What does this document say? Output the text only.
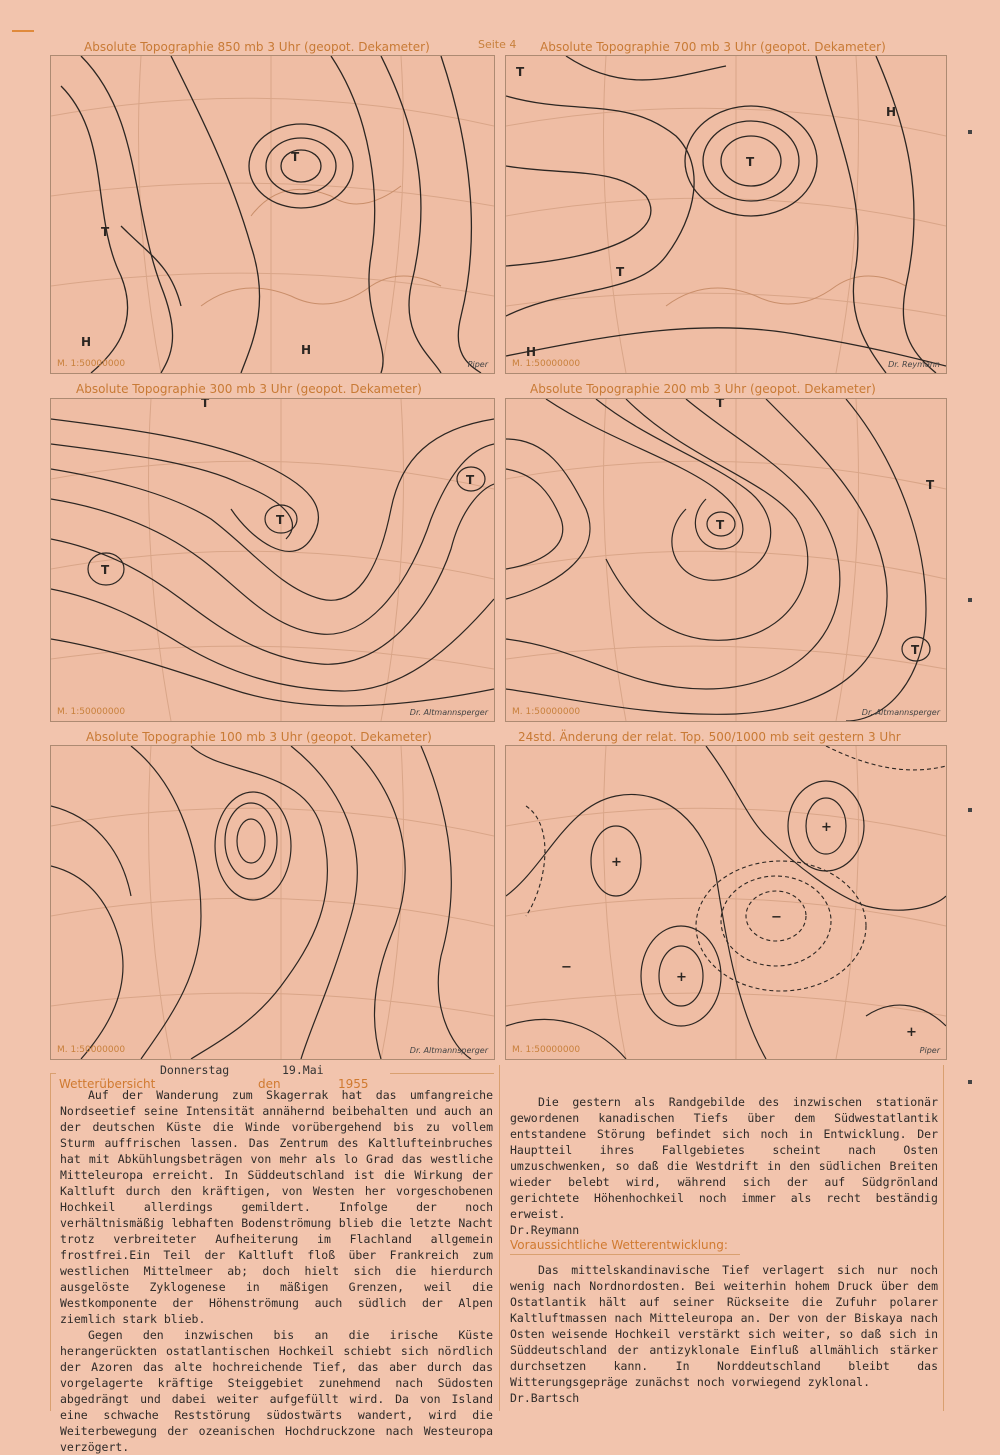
Seite 4
Absolute Topographie 850 mb 3 Uhr (geopot. Dekameter)	Absolute Topographie 700 mb 3 Uhr (geopot. Dekameter)
Absolute Topographie 300 mb 3 Uhr (geopot. Dekameter)	Absolute Topographie 200 mb 3 Uhr (geopot. Dekameter)
Absolute Topographie 100 mb 3 Uhr (geopot. Dekameter)	24std. Änderung der relat. Top. 500/1000 mb seit gestern 3 Uhr
T
T
H
H
M. 1:50000000	Piper
T
T
T
H
H
M. 1:50000000	Dr. Reymann
T
T
T
T
M. 1:50000000	Dr. Altmannsperger
T
T
T
T
M. 1:50000000	Dr. Altmannsperger
M. 1:50000000	Dr. Altmannsperger
+
+
+
+
−
−
M. 1:50000000	Piper
Donnerstag	19.Mai
Wetterübersicht	den	1955

Auf der Wanderung zum Skagerrak hat das umfangreiche Nordseetief seine Intensität annähernd beibehalten und auch an der deutschen Küste die Winde vorübergehend bis zu vollem Sturm auffrischen lassen. Das Zentrum des Kaltlufteinbruches hat mit Abkühlungsbeträgen von mehr als lo Grad das westliche Mitteleuropa erreicht. In Süddeutschland ist die Wirkung der Kaltluft durch den kräftigen, von Westen her vorgeschobenen Hochkeil allerdings gemildert. Infolge der noch verhältnismäßig lebhaften Bodenströmung blieb die letzte Nacht trotz verbreiteter Aufheiterung im Flachland allgemein frostfrei.Ein Teil der Kaltluft floß über Frankreich zum westlichen Mittelmeer ab; doch hielt sich die hierdurch ausgelöste Zyklogenese in mäßigen Grenzen, weil die Westkomponente der Höhenströmung auch südlich der Alpen ziemlich stark blieb.

Gegen den inzwischen bis an die irische Küste herangerückten ostatlantischen Hochkeil schiebt sich nördlich der Azoren das alte hochreichende Tief, das aber durch das vorgelagerte kräftige Steiggebiet zunehmend nach Südosten abgedrängt und dabei weiter aufgefüllt wird. Da von Island eine schwache Reststörung südostwärts wandert, wird die Weiterbewegung der ozeanischen Hochdruckzone nach Westeuropa verzögert.

Die gestern als Randgebilde des inzwischen stationär gewordenen kanadischen Tiefs über dem Südwestatlantik entstandene Störung befindet sich noch in Entwicklung. Der Hauptteil ihres Fallgebietes scheint nach Osten umzuschwenken, so daß die Westdrift in den südlichen Breiten wieder belebt wird, während sich der auf Südgrönland gerichtete Höhenhochkeil noch immer als recht beständig erweist.

Dr.Reymann

Voraussichtliche Wetterentwicklung:

Das mittelskandinavische Tief verlagert sich nur noch wenig nach Nordnordosten. Bei weiterhin hohem Druck über dem Ostatlantik hält auf seiner Rückseite die Zufuhr polarer Kaltluftmassen nach Mitteleuropa an. Der von der Biskaya nach Osten weisende Hochkeil verstärkt sich weiter, so daß sich in Süddeutschland der antizyklonale Einfluß allmählich stärker durchsetzen kann. In Norddeutschland bleibt das Witterungsgepräge zunächst noch vorwiegend zyklonal.

Dr.Bartsch
